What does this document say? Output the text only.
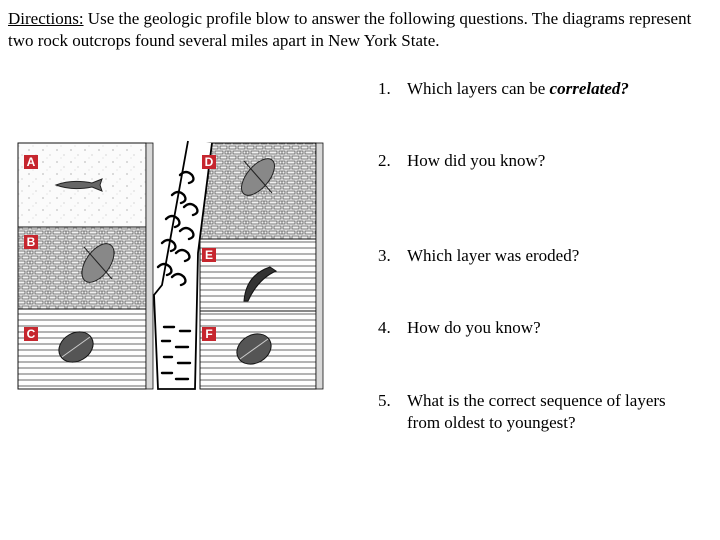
Directions: Use the geologic profile blow to answer the following questions. The diagrams represent two rock outcrops found several miles apart in New York State.

A
B
C
D
E
F
1. Which layers can be correlated?
2. How did you know?
3. Which layer was eroded?
4. How do you know?
5. What is the correct sequence of layers from oldest to youngest?
